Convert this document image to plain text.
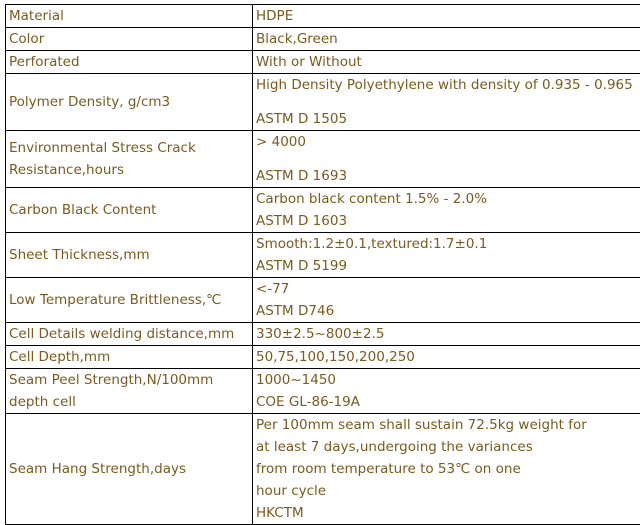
Material	HDPE

Color	Black,Green

Perforated	With or Without

Polymer Density, g/cm3	High Density Polyethylene with density of 0.935 - 0.965
ASTM D 1505

Environmental Stress Crack
Resistance,hours	> 4000
ASTM D 1693

Carbon Black Content	Carbon black content 1.5% - 2.0%
ASTM D 1603

Sheet Thickness,mm	Smooth:1.2±0.1,textured:1.7±0.1
ASTM D 5199

Low Temperature Brittleness,℃	<-77
ASTM D746

Cell Details welding distance,mm	330±2.5~800±2.5

Cell Depth,mm	50,75,100,150,200,250

Seam Peel Strength,N/100mm
depth cell	1000~1450
COE GL-86-19A

Seam Hang Strength,days	Per 100mm seam shall sustain 72.5kg weight for
at least 7 days,undergoing the variances
from room temperature to 53℃ on one
hour cycle
HKCTM
